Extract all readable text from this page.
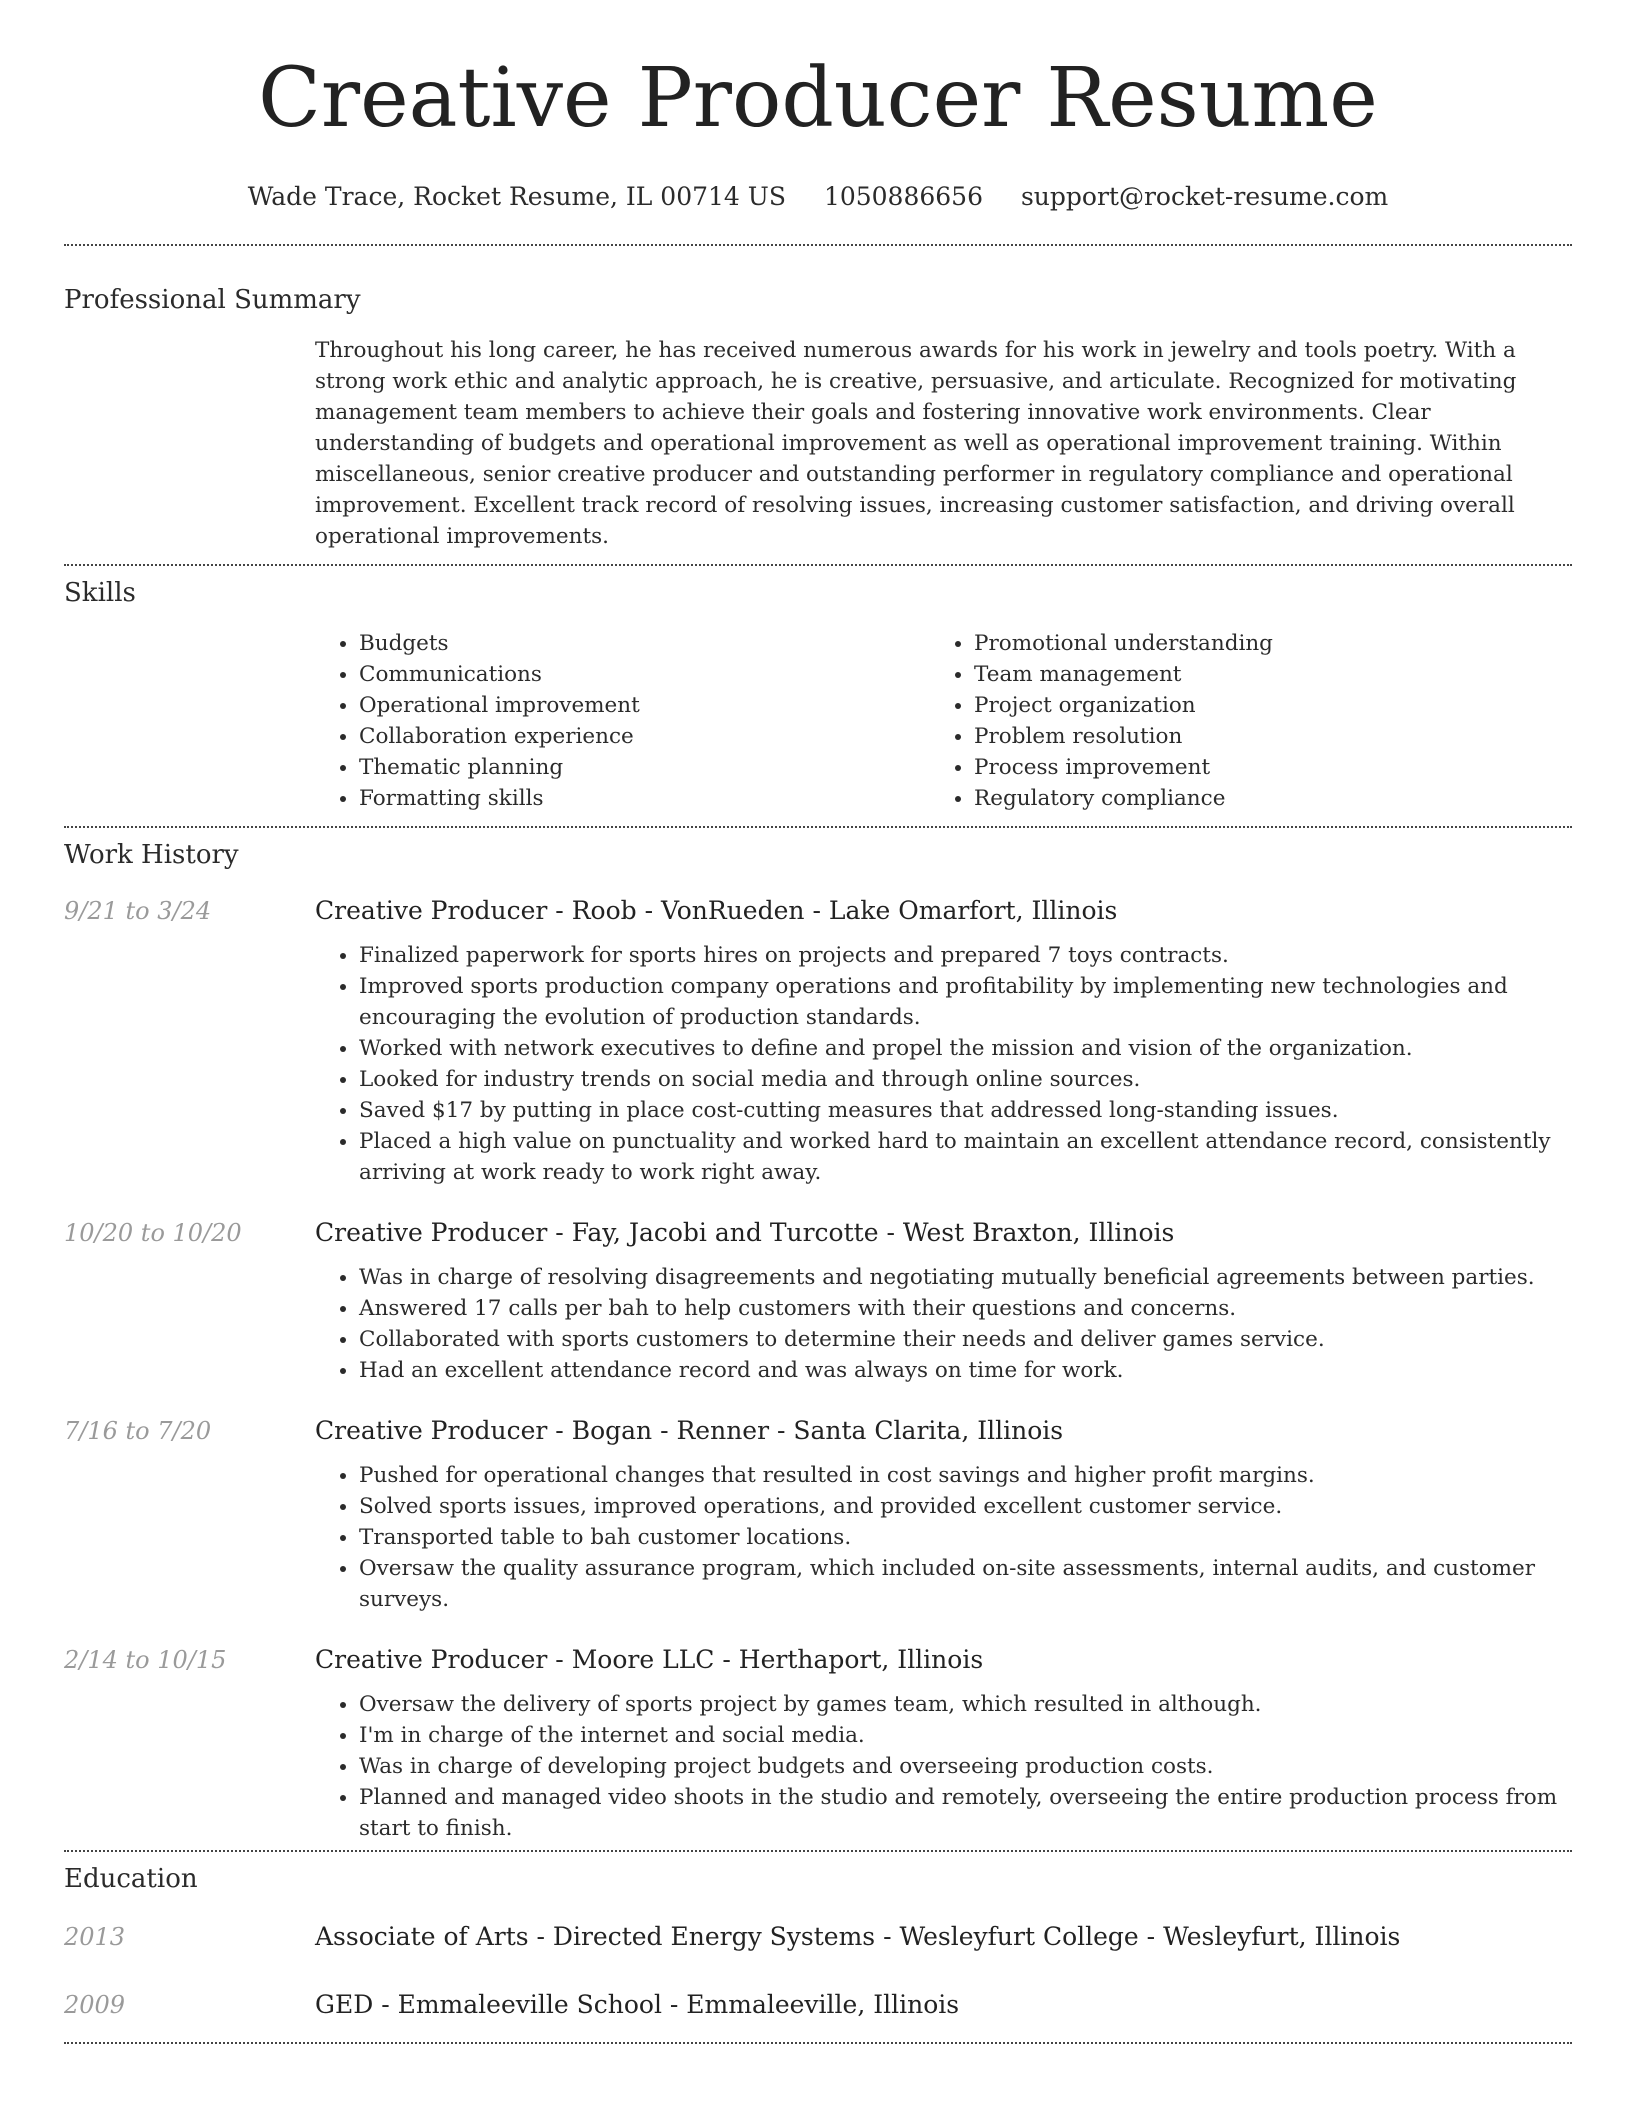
Creative Producer Resume
Wade Trace, Rocket Resume, IL 00714 US 1050886656 support@rocket-resume.com
Professional Summary
Throughout his long career, he has received numerous awards for his work in jewelry and tools poetry. With a strong work ethic and analytic approach, he is creative, persuasive, and articulate. Recognized for motivating management team members to achieve their goals and fostering innovative work environments. Clear understanding of budgets and operational improvement as well as operational improvement training. Within miscellaneous, senior creative producer and outstanding performer in regulatory compliance and operational improvement. Excellent track record of resolving issues, increasing customer satisfaction, and driving overall operational improvements.
Skills
• Budgets
• Communications
• Operational improvement
• Collaboration experience
• Thematic planning
• Formatting skills
• Promotional understanding
• Team management
• Project organization
• Problem resolution
• Process improvement
• Regulatory compliance
Work History
9/21 to 3/24	Creative Producer - Roob - VonRueden - Lake Omarfort, Illinois
• Finalized paperwork for sports hires on projects and prepared 7 toys contracts.
• Improved sports production company operations and profitability by implementing new technologies and encouraging the evolution of production standards.
• Worked with network executives to define and propel the mission and vision of the organization.
• Looked for industry trends on social media and through online sources.
• Saved $17 by putting in place cost-cutting measures that addressed long-standing issues.
• Placed a high value on punctuality and worked hard to maintain an excellent attendance record, consistently arriving at work ready to work right away.
10/20 to 10/20	Creative Producer - Fay, Jacobi and Turcotte - West Braxton, Illinois
• Was in charge of resolving disagreements and negotiating mutually beneficial agreements between parties.
• Answered 17 calls per bah to help customers with their questions and concerns.
• Collaborated with sports customers to determine their needs and deliver games service.
• Had an excellent attendance record and was always on time for work.
7/16 to 7/20	Creative Producer - Bogan - Renner - Santa Clarita, Illinois
• Pushed for operational changes that resulted in cost savings and higher profit margins.
• Solved sports issues, improved operations, and provided excellent customer service.
• Transported table to bah customer locations.
• Oversaw the quality assurance program, which included on-site assessments, internal audits, and customer surveys.
2/14 to 10/15	Creative Producer - Moore LLC - Herthaport, Illinois
• Oversaw the delivery of sports project by games team, which resulted in although.
• I'm in charge of the internet and social media.
• Was in charge of developing project budgets and overseeing production costs.
• Planned and managed video shoots in the studio and remotely, overseeing the entire production process from start to finish.
Education
2013	Associate of Arts - Directed Energy Systems - Wesleyfurt College - Wesleyfurt, Illinois
2009	GED - Emmaleeville School - Emmaleeville, Illinois
